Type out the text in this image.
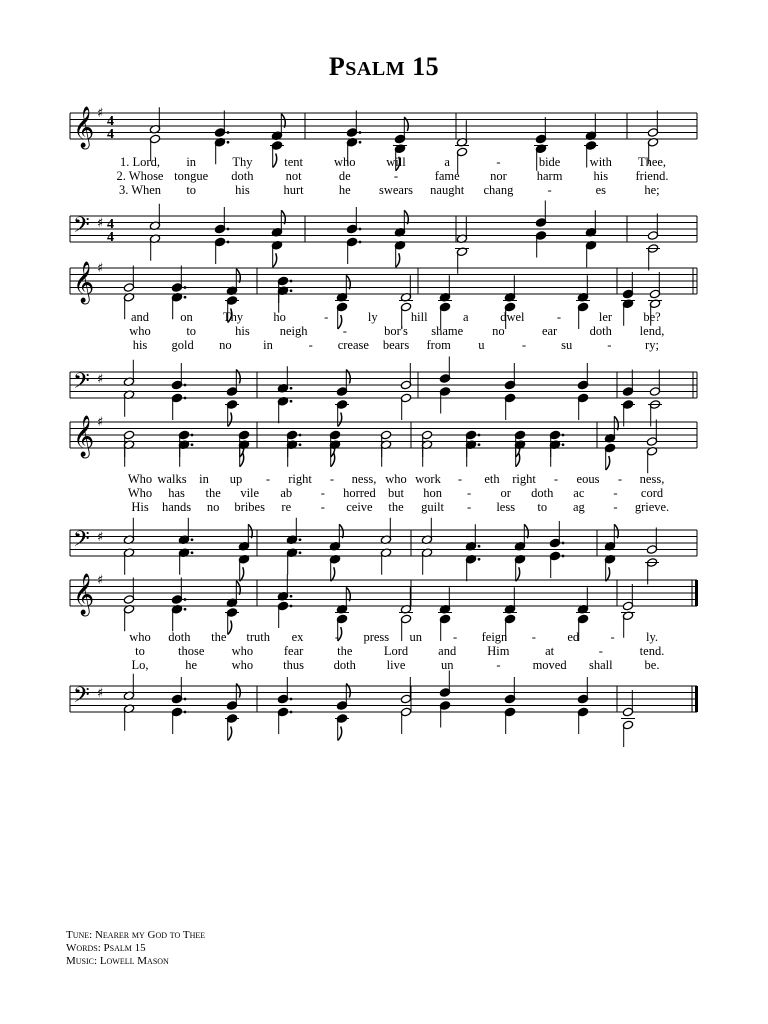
PSALM 15
𝄞 ♯
4
4
𝄢 ♯ 4
4
1. Lord, in	Thy	tent who will	a	-	bide with Thee,
2. Whose tongue doth	not	de	-	fame nor harm his friend.
3. When to	his	hurt	he swears naught chang	-	es	he;
𝄞 ♯
𝄢 ♯
and	on Thy ho	-	ly	hill	a	dwel	-	ler	be?
who	to	his neigh	-	bor's shame no	ear	doth lend,
his gold no	in	- crease bears from u	-	su	-	ry;
𝄞 ♯
𝄢 ♯
Who walks in up - right - ness, who work - eth right - eous - ness,
Who has the vile ab - horred but hon - or doth ac - cord
His hands no bribes re - ceive the guilt - less to ag - grieve.
𝄞 ♯
𝄢 ♯
who doth the truth ex	- press un - feign -	ed	-	ly.
to	those who fear	the	Lord and Him	at	-	tend.
Lo,	he	who thus doth live	un	-	moved shall	be.
Tune: Nearer my God to Thee
Words: Psalm 15
Music: Lowell Mason
